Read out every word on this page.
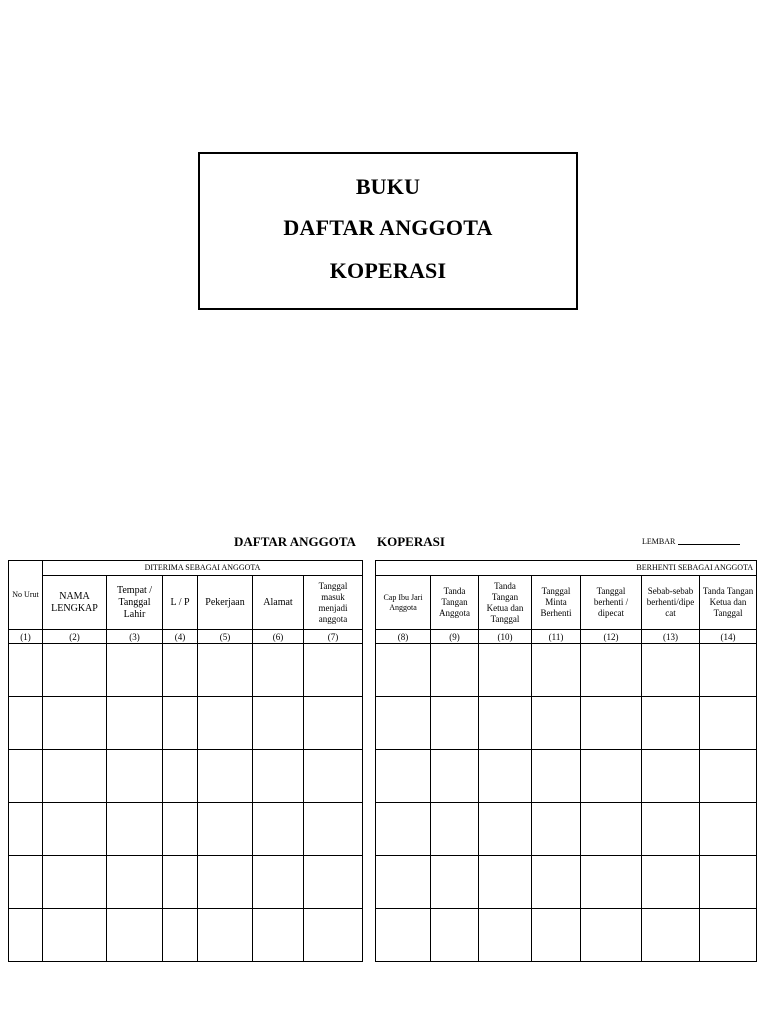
BUKU
DAFTAR ANGGOTA
KOPERASI
DAFTAR ANGGOTA KOPERASI	LEMBAR
No Urut	DITERIMA SEBAGAI ANGGOTA					
	NAMA LENGKAP	Tempat / Tanggal Lahir	L / P	Pekerjaan	Alamat	Tanggal masuk menjadi anggota
(1)	(2)	(3)	(4)	(5)	(6)	(7)

BERHENTI SEBAGAI ANGGOTA						
Cap Ibu Jari Anggota	Tanda Tangan Anggota	Tanda Tangan Ketua dan Tanggal	Tanggal Minta Berhenti	Tanggal berhenti / dipecat	Sebab-sebab berhenti/dipe cat	Tanda Tangan Ketua dan Tanggal
(8)	(9)	(10)	(11)	(12)	(13)	(14)
